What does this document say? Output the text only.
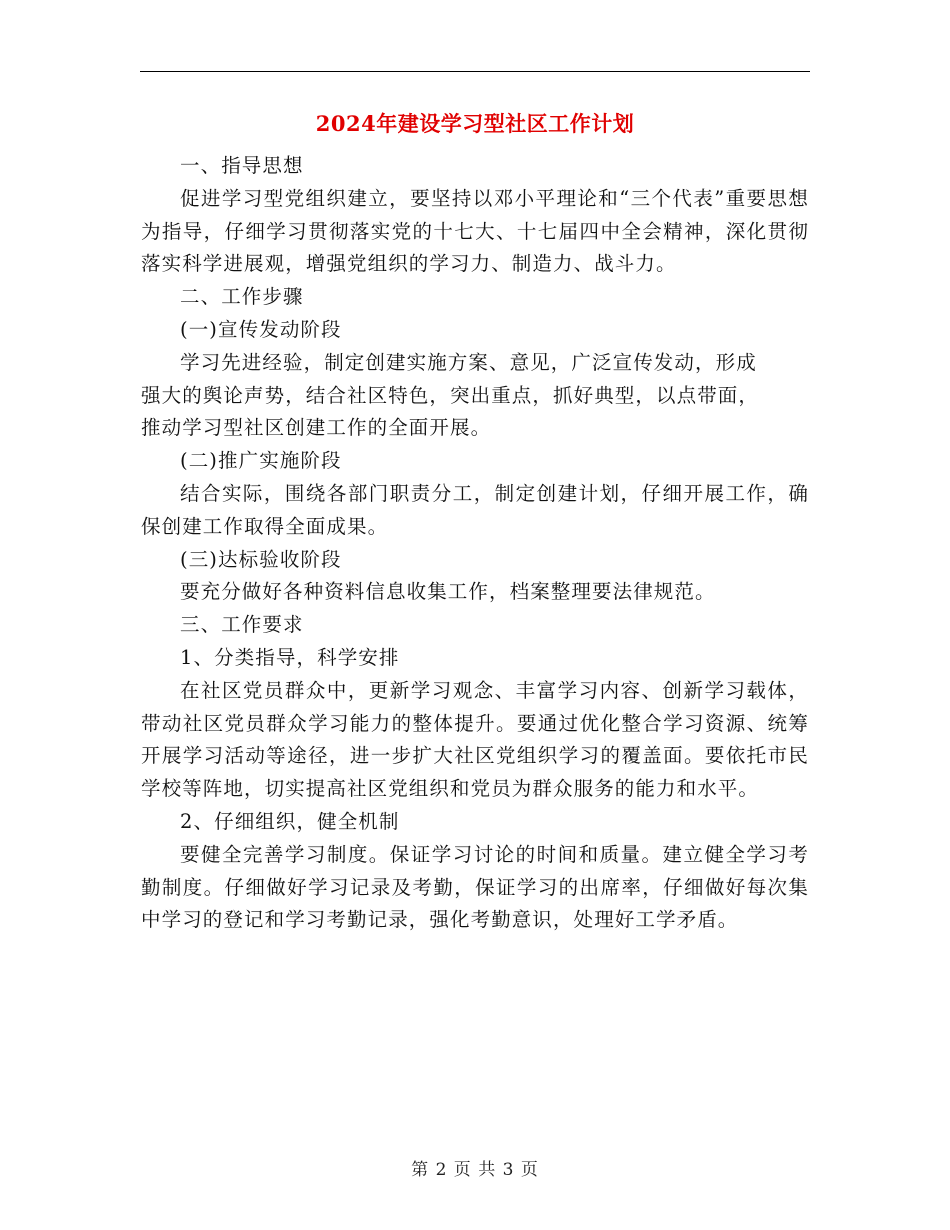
2024年建设学习型社区工作计划

一、指导思想

促进学习型党组织建立，要坚持以邓小平理论和“三个代表”重要思想为指导，仔细学习贯彻落实党的十七大、十七届四中全会精神，深化贯彻落实科学进展观，增强党组织的学习力、制造力、战斗力。

二、工作步骤

(一)宣传发动阶段

学习先进经验，制定创建实施方案、意见，广泛宣传发动，形成
强大的舆论声势，结合社区特色，突出重点，抓好典型，以点带面，
推动学习型社区创建工作的全面开展。

(二)推广实施阶段

结合实际，围绕各部门职责分工，制定创建计划，仔细开展工作，确保创建工作取得全面成果。

(三)达标验收阶段

要充分做好各种资料信息收集工作，档案整理要法律规范。

三、工作要求

1、分类指导，科学安排

在社区党员群众中，更新学习观念、丰富学习内容、创新学习载体，带动社区党员群众学习能力的整体提升。要通过优化整合学习资源、统筹开展学习活动等途径，进一步扩大社区党组织学习的覆盖面。要依托市民学校等阵地，切实提高社区党组织和党员为群众服务的能力和水平。

2、仔细组织，健全机制

要健全完善学习制度。保证学习讨论的时间和质量。建立健全学习考勤制度。仔细做好学习记录及考勤，保证学习的出席率，仔细做好每次集中学习的登记和学习考勤记录，强化考勤意识，处理好工学矛盾。

第 2 页 共 3 页
